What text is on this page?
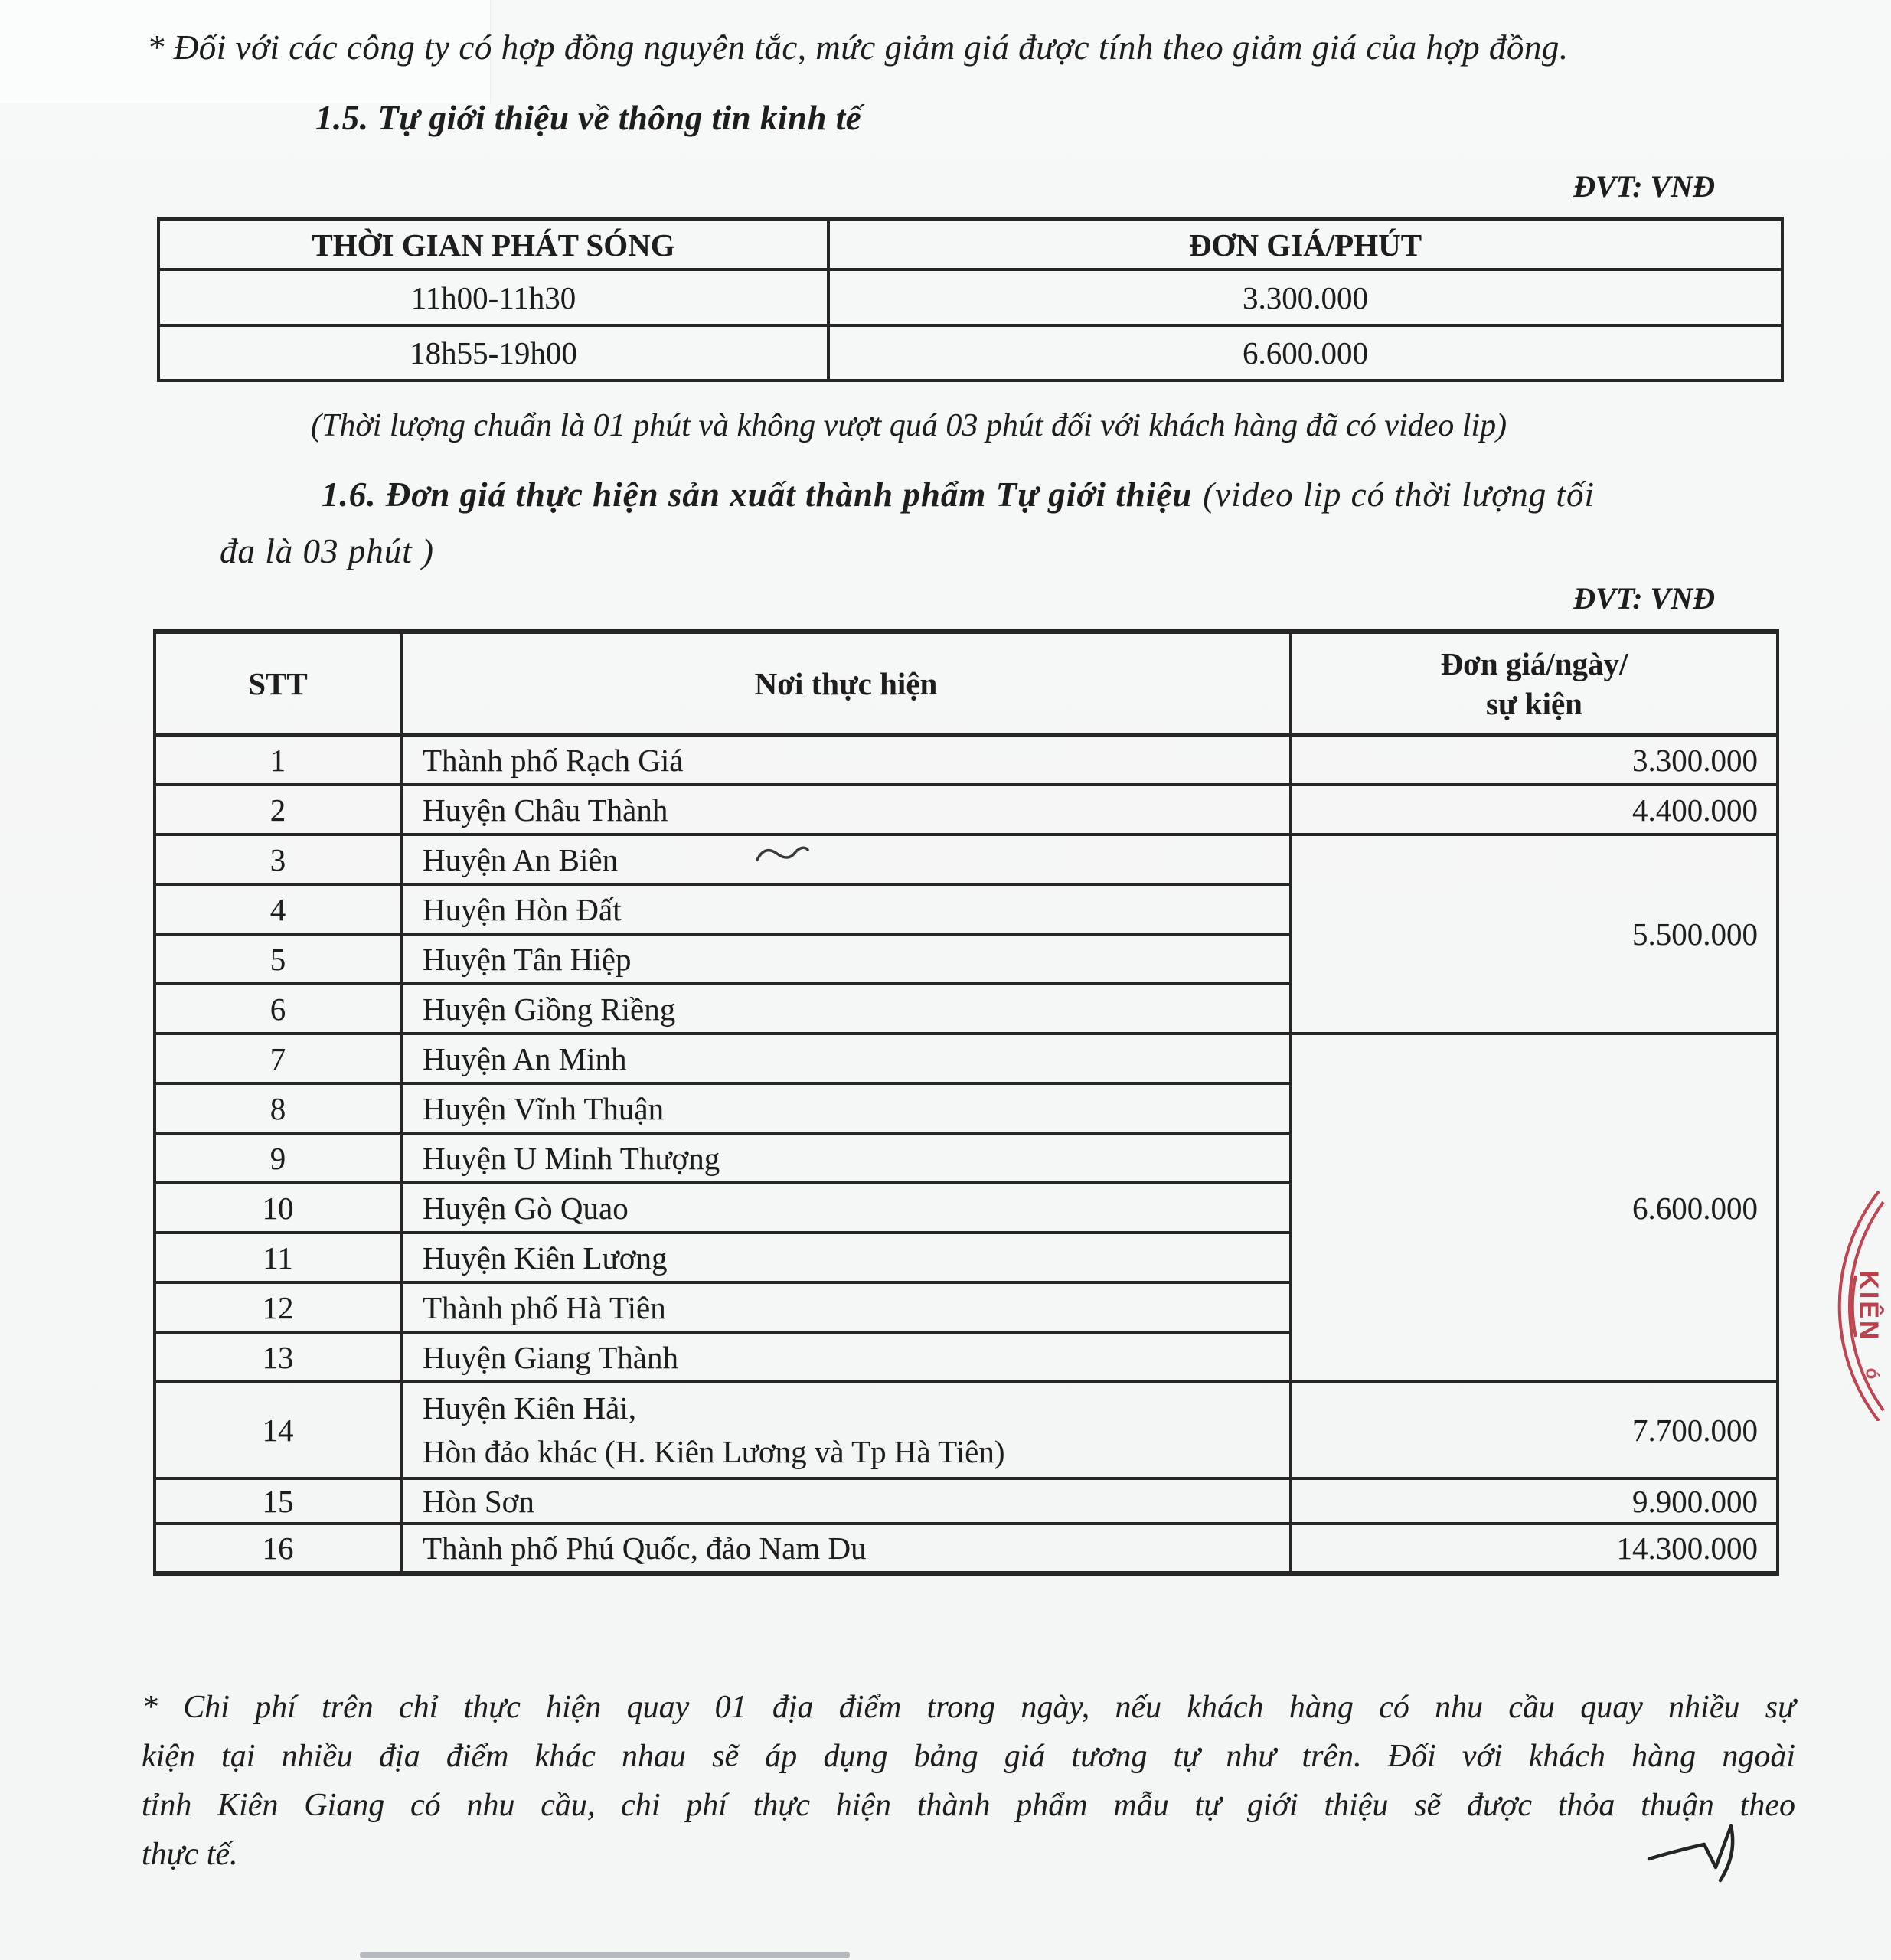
* Đối với các công ty có hợp đồng nguyên tắc, mức giảm giá được tính theo giảm giá của hợp đồng.
1.5. Tự giới thiệu về thông tin kinh tế
ĐVT: VNĐ
THỜI GIAN PHÁT SÓNG	ĐƠN GIÁ/PHÚT
11h00-11h30	3.300.000
18h55-19h00	6.600.000
(Thời lượng chuẩn là 01 phút và không vượt quá 03 phút đối với khách hàng đã có video lip)
1.6. Đơn giá thực hiện sản xuất thành phẩm Tự giới thiệu (video lip có thời lượng tối
đa là 03 phút )
ĐVT: VNĐ
STT	Nơi thực hiện	Đơn giá/ngày/
sự kiện
1	Thành phố Rạch Giá	3.300.000
2	Huyện Châu Thành	4.400.000
3	Huyện An Biên	5.500.000
4	Huyện Hòn Đất	
5	Huyện Tân Hiệp	
6	Huyện Giồng Riềng	
7	Huyện An Minh	6.600.000
8	Huyện Vĩnh Thuận	
9	Huyện U Minh Thượng	
10	Huyện Gò Quao	
11	Huyện Kiên Lương	
12	Thành phố Hà Tiên	
13	Huyện Giang Thành	
14	Huyện Kiên Hải,
Hòn đảo khác (H. Kiên Lương và Tp Hà Tiên)	7.700.000
15	Hòn Sơn	9.900.000
16	Thành phố Phú Quốc, đảo Nam Du	14.300.000
* Chi phí trên chỉ thực hiện quay 01 địa điểm trong ngày, nếu khách hàng có nhu cầu quay nhiều sự
kiện tại nhiều địa điểm khác nhau sẽ áp dụng bảng giá tương tự như trên. Đối với khách hàng ngoài
tỉnh Kiên Giang có nhu cầu, chi phí thực hiện thành phẩm mẫu tự giới thiệu sẽ được thỏa thuận theo
thực tế.
KIÊN
ó
